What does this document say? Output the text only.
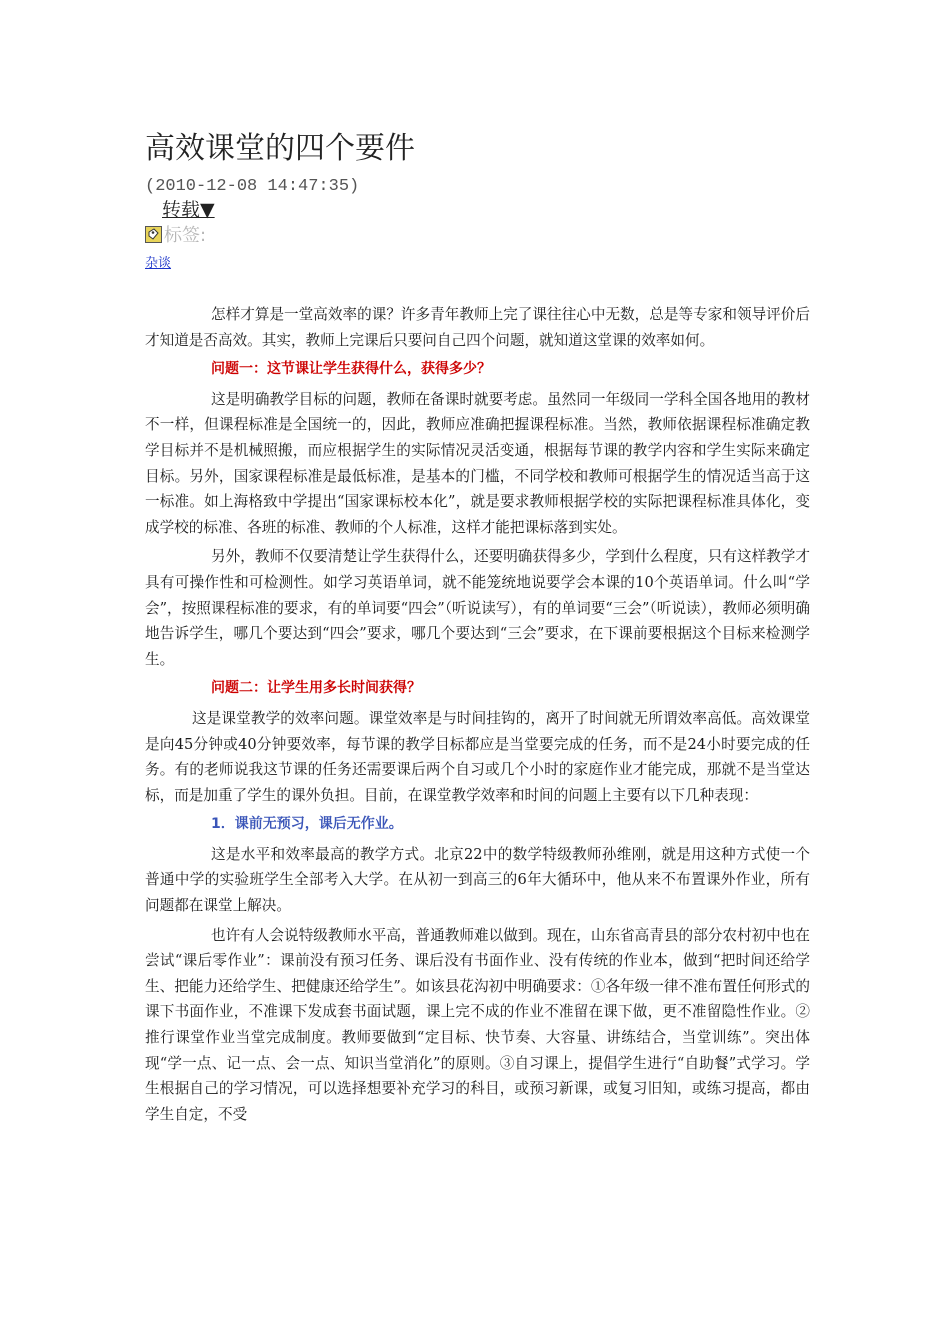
高效课堂的四个要件
(2010-12-08 14:47:35)
转载▼
标签:
杂谈

怎样才算是一堂高效率的课？许多青年教师上完了课往往心中无数，总是等专家和领导评价后才知道是否高效。其实，教师上完课后只要问自己四个问题，就知道这堂课的效率如何。

问题一：这节课让学生获得什么，获得多少？

这是明确教学目标的问题，教师在备课时就要考虑。虽然同一年级同一学科全国各地用的教材不一样，但课程标准是全国统一的，因此，教师应准确把握课程标准。当然，教师依据课程标准确定教学目标并不是机械照搬，而应根据学生的实际情况灵活变通，根据每节课的教学内容和学生实际来确定目标。另外，国家课程标准是最低标准，是基本的门槛，不同学校和教师可根据学生的情况适当高于这一标准。如上海格致中学提出“国家课标校本化”，就是要求教师根据学校的实际把课程标准具体化，变成学校的标准、各班的标准、教师的个人标准，这样才能把课标落到实处。

另外，教师不仅要清楚让学生获得什么，还要明确获得多少，学到什么程度，只有这样教学才具有可操作性和可检测性。如学习英语单词，就不能笼统地说要学会本课的10个英语单词。什么叫“学会”，按照课程标准的要求，有的单词要“四会”（听说读写），有的单词要“三会”（听说读），教师必须明确地告诉学生，哪几个要达到“四会”要求，哪几个要达到“三会”要求，在下课前要根据这个目标来检测学生。

问题二：让学生用多长时间获得？

这是课堂教学的效率问题。课堂效率是与时间挂钩的，离开了时间就无所谓效率高低。高效课堂是向45分钟或40分钟要效率，每节课的教学目标都应是当堂要完成的任务，而不是24小时要完成的任务。有的老师说我这节课的任务还需要课后两个自习或几个小时的家庭作业才能完成，那就不是当堂达标，而是加重了学生的课外负担。目前，在课堂教学效率和时间的问题上主要有以下几种表现：

1．课前无预习，课后无作业。

这是水平和效率最高的教学方式。北京22中的数学特级教师孙维刚，就是用这种方式使一个普通中学的实验班学生全部考入大学。在从初一到高三的6年大循环中，他从来不布置课外作业，所有问题都在课堂上解决。

也许有人会说特级教师水平高，普通教师难以做到。现在，山东省高青县的部分农村初中也在尝试“课后零作业”：课前没有预习任务、课后没有书面作业、没有传统的作业本，做到“把时间还给学生、把能力还给学生、把健康还给学生”。如该县花沟初中明确要求：①各年级一律不准布置任何形式的课下书面作业，不准课下发成套书面试题，课上完不成的作业不准留在课下做，更不准留隐性作业。②推行课堂作业当堂完成制度。教师要做到“定目标、快节奏、大容量、讲练结合，当堂训练”。突出体现“学一点、记一点、会一点、知识当堂消化”的原则。③自习课上，提倡学生进行“自助餐”式学习。学生根据自己的学习情况，可以选择想要补充学习的科目，或预习新课，或复习旧知，或练习提高，都由学生自定，不受
